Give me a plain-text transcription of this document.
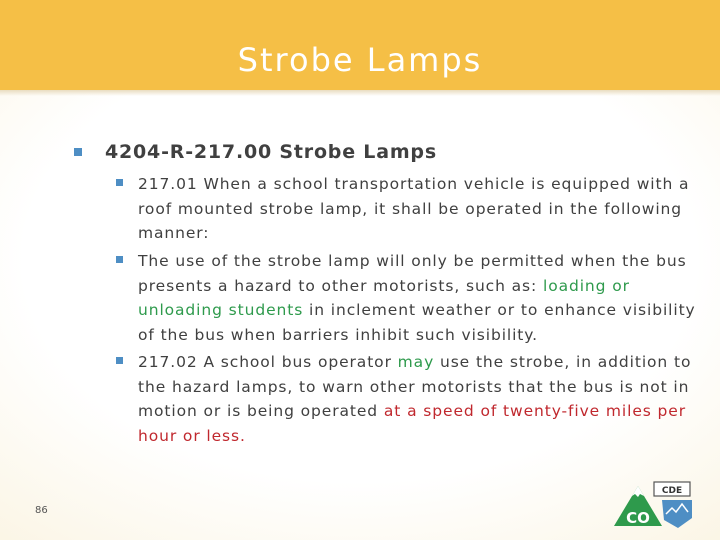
Strobe Lamps
4204-R-217.00 Strobe Lamps
217.01 When a school transportation vehicle is equipped with a roof mounted strobe lamp, it shall be operated in the following manner:
The use of the strobe lamp will only be permitted when the bus presents a hazard to other motorists, such as: loading or unloading students in inclement weather or to enhance visibility of the bus when barriers inhibit such visibility.
217.02 A school bus operator may use the strobe, in addition to the hazard lamps, to warn other motorists that the bus is not in motion or is being operated at a speed of twenty-five miles per hour or less.
86	CO
CDE
